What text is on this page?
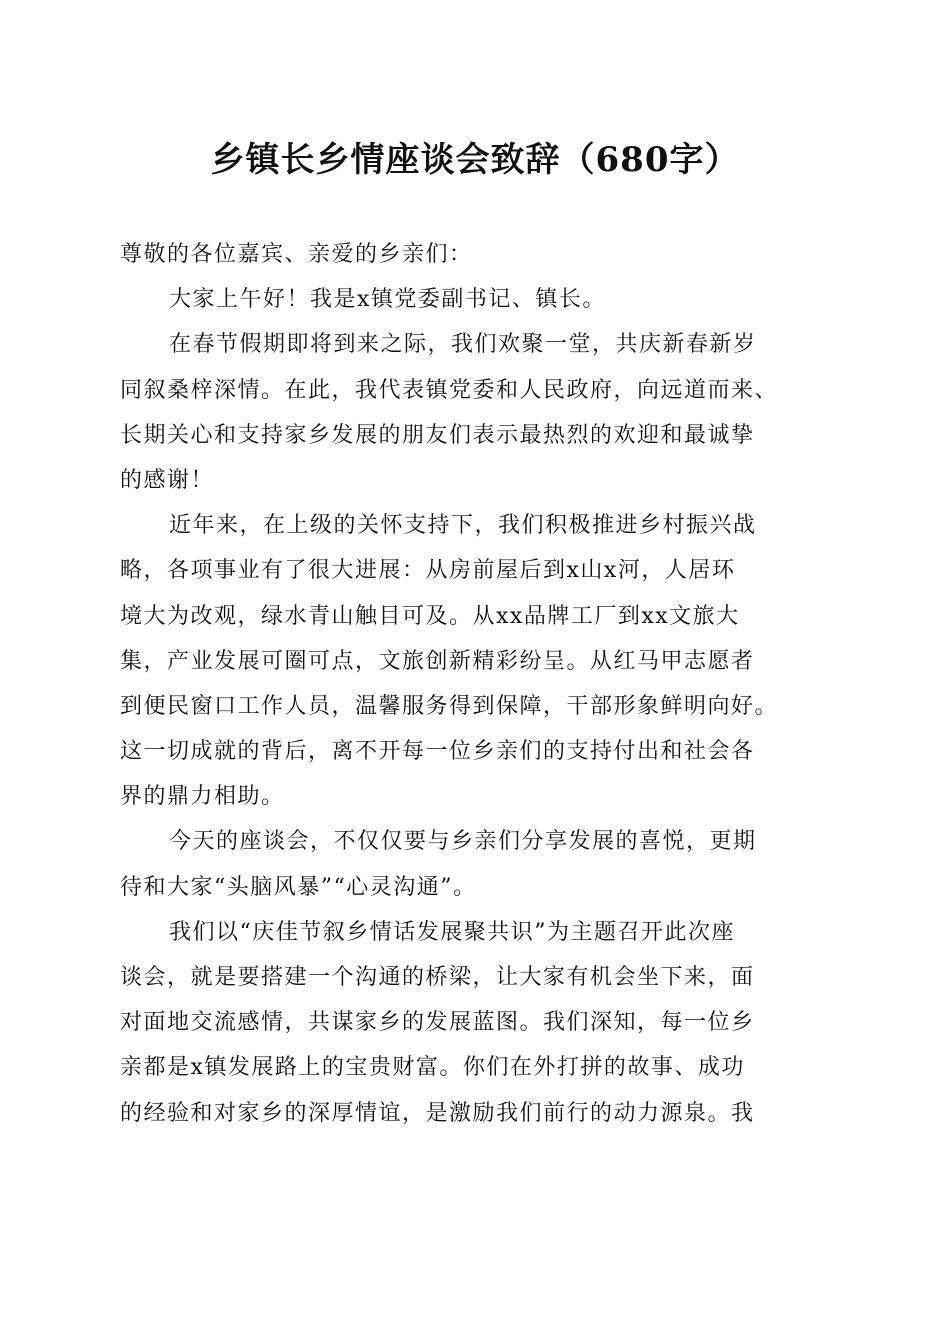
乡镇长乡情座谈会致辞（680字）
尊敬的各位嘉宾、亲爱的乡亲们：
大家上午好！我是x镇党委副书记、镇长。
在春节假期即将到来之际，我们欢聚一堂，共庆新春新岁
同叙桑梓深情。在此，我代表镇党委和人民政府，向远道而来、
长期关心和支持家乡发展的朋友们表示最热烈的欢迎和最诚挚
的感谢！
近年来，在上级的关怀支持下，我们积极推进乡村振兴战
略，各项事业有了很大进展：从房前屋后到x山x河，人居环
境大为改观，绿水青山触目可及。从xx品牌工厂到xx文旅大
集，产业发展可圈可点，文旅创新精彩纷呈。从红马甲志愿者
到便民窗口工作人员，温馨服务得到保障，干部形象鲜明向好。
这一切成就的背后，离不开每一位乡亲们的支持付出和社会各
界的鼎力相助。
今天的座谈会，不仅仅要与乡亲们分享发展的喜悦，更期
待和大家“头脑风暴”“心灵沟通”。
我们以“庆佳节叙乡情话发展聚共识”为主题召开此次座
谈会，就是要搭建一个沟通的桥梁，让大家有机会坐下来，面
对面地交流感情，共谋家乡的发展蓝图。我们深知，每一位乡
亲都是x镇发展路上的宝贵财富。你们在外打拼的故事、成功
的经验和对家乡的深厚情谊，是激励我们前行的动力源泉。我
